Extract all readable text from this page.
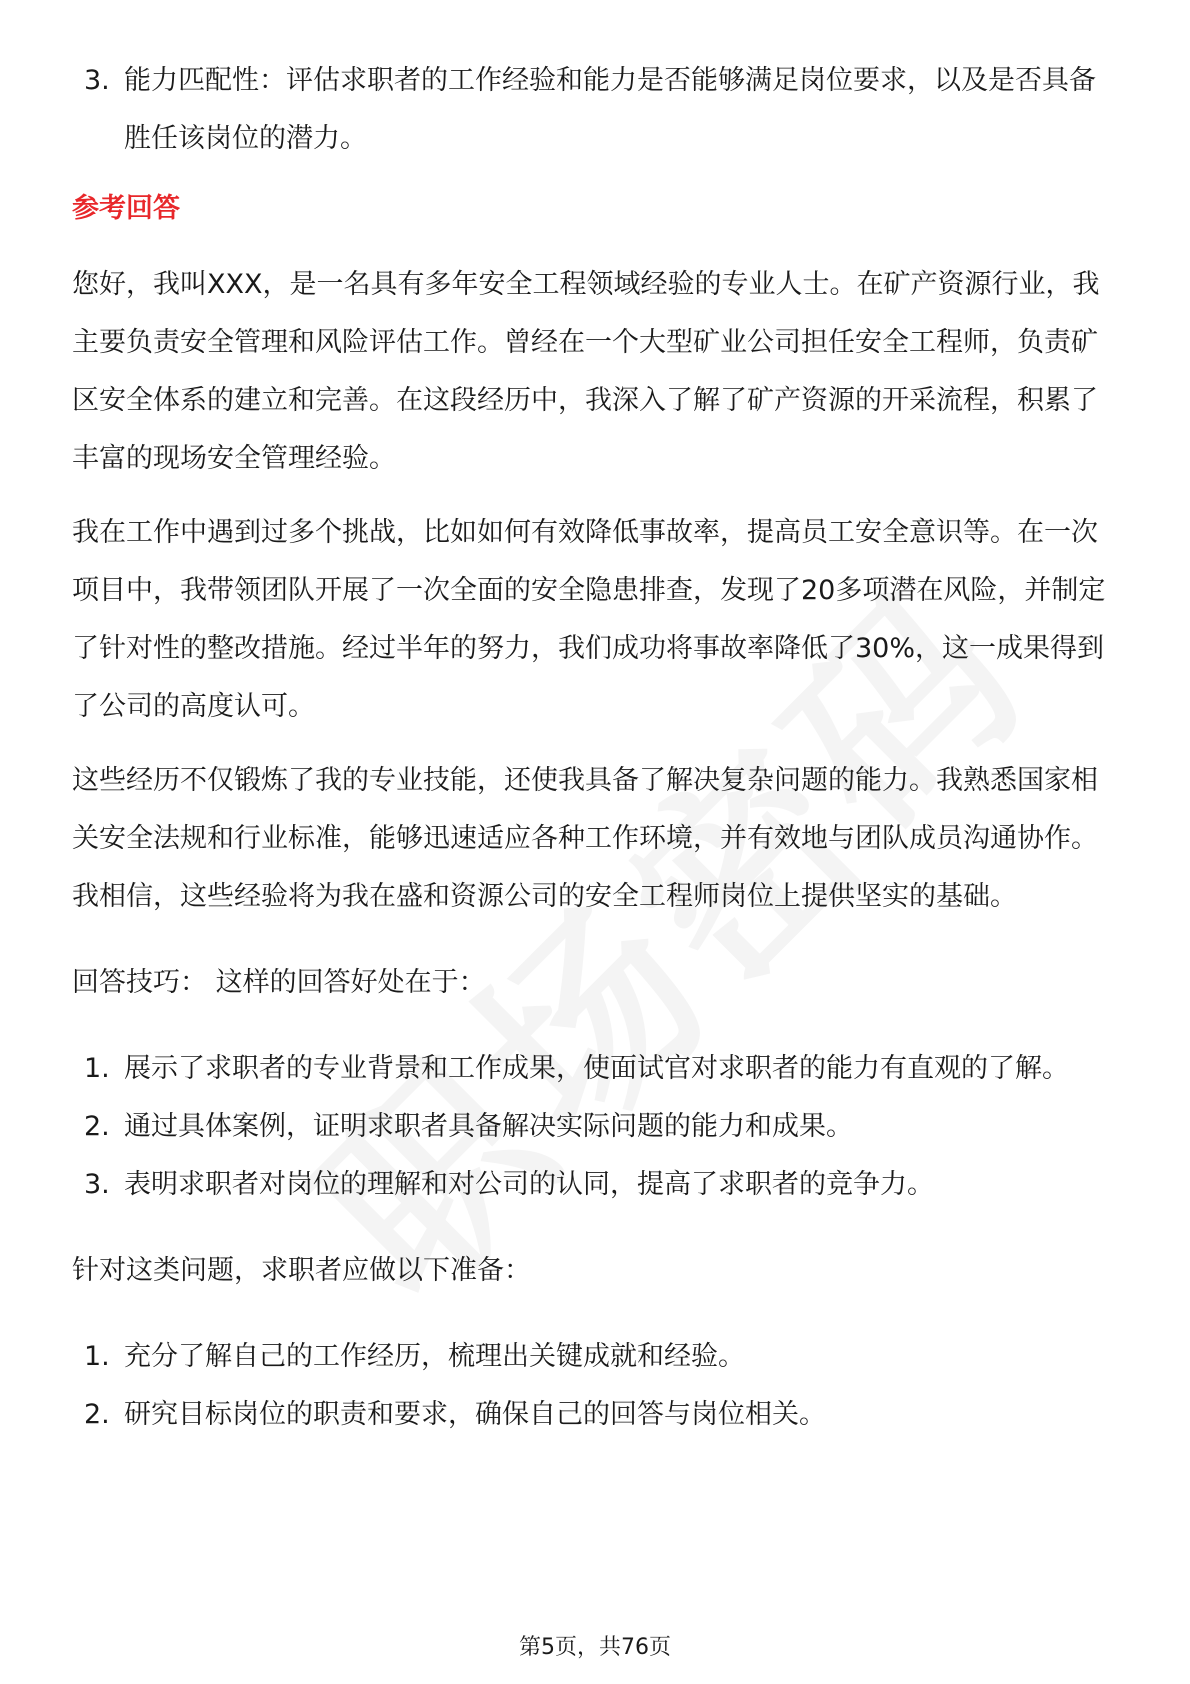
3. 能力匹配性：评估求职者的工作经验和能力是否能够满足岗位要求，以及是否具备胜任该岗位的潜力。
参考回答
您好，我叫XXX，是一名具有多年安全工程领域经验的专业人士。在矿产资源行业，我主要负责安全管理和风险评估工作。曾经在一个大型矿业公司担任安全工程师，负责矿区安全体系的建立和完善。在这段经历中，我深入了解了矿产资源的开采流程，积累了丰富的现场安全管理经验。
我在工作中遇到过多个挑战，比如如何有效降低事故率，提高员工安全意识等。在一次项目中，我带领团队开展了一次全面的安全隐患排查，发现了20多项潜在风险，并制定了针对性的整改措施。经过半年的努力，我们成功将事故率降低了30%，这一成果得到了公司的高度认可。
这些经历不仅锻炼了我的专业技能，还使我具备了解决复杂问题的能力。我熟悉国家相关安全法规和行业标准，能够迅速适应各种工作环境，并有效地与团队成员沟通协作。我相信，这些经验将为我在盛和资源公司的安全工程师岗位上提供坚实的基础。
回答技巧： 这样的回答好处在于：
1. 展示了求职者的专业背景和工作成果，使面试官对求职者的能力有直观的了解。
2. 通过具体案例，证明求职者具备解决实际问题的能力和成果。
3. 表明求职者对岗位的理解和对公司的认同，提高了求职者的竞争力。
针对这类问题，求职者应做以下准备：
1. 充分了解自己的工作经历，梳理出关键成就和经验。
2. 研究目标岗位的职责和要求，确保自己的回答与岗位相关。
第5页，共76页
